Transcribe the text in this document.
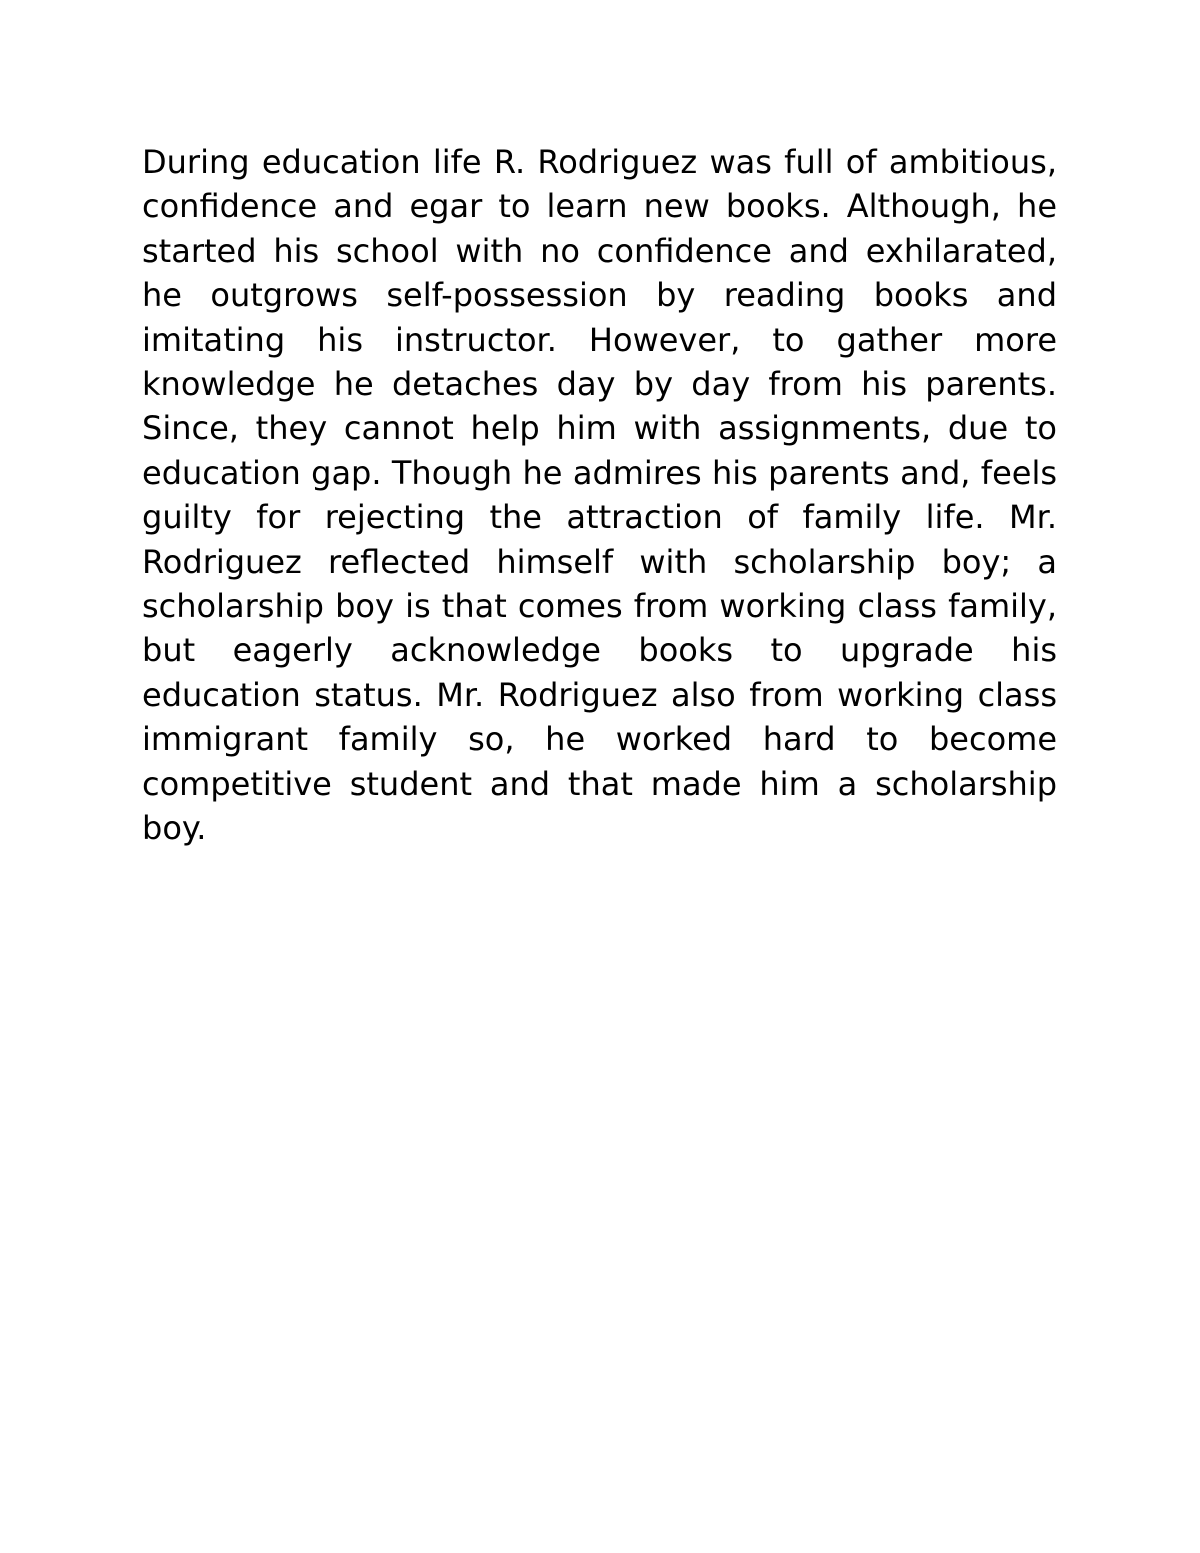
During education life R. Rodriguez was full of ambitious, confidence and egar to learn new books. Although, he started his school with no confidence and exhilarated, he outgrows self-possession by reading books and imitating his instructor. However, to gather more knowledge he detaches day by day from his parents. Since, they cannot help him with assignments, due to education gap. Though he admires his parents and, feels guilty for rejecting the attraction of family life. Mr. Rodriguez reflected himself with scholarship boy; a scholarship boy is that comes from working class family, but eagerly acknowledge books to upgrade his education status. Mr. Rodriguez also from working class immigrant family so, he worked hard to become competitive student and that made him a scholarship boy.
